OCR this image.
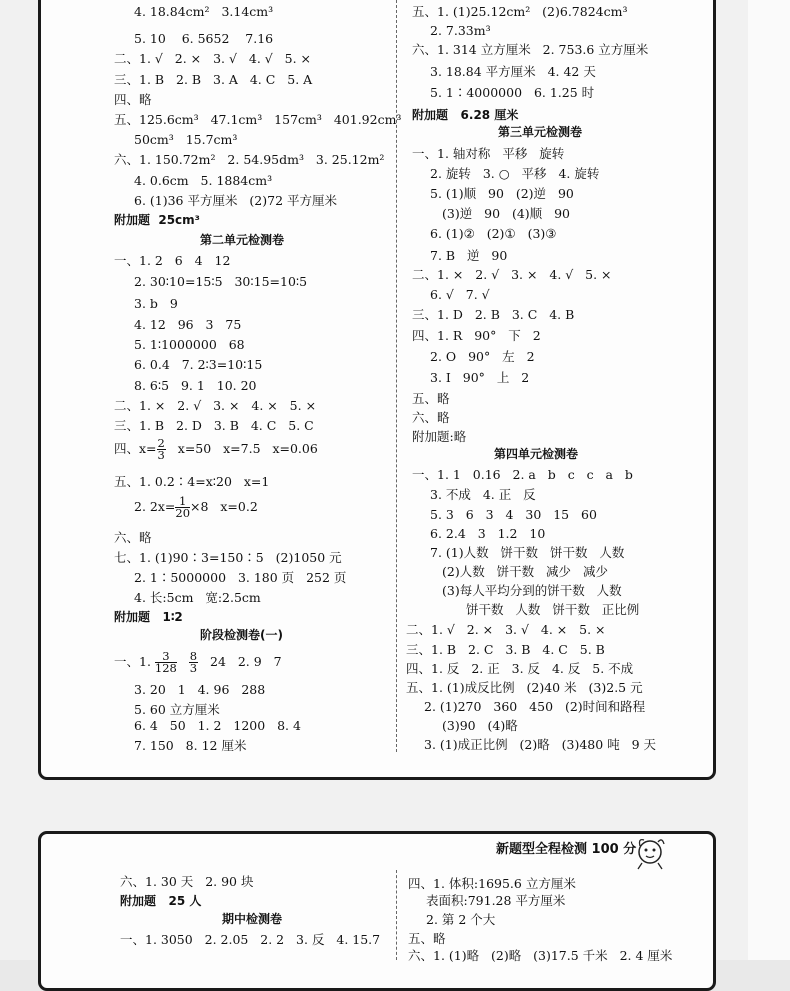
4. 18.84cm²   3.14cm³
5. 10    6. 5652    7.16
二、1. √   2. ×   3. √   4. √   5. ×
三、1. B   2. B   3. A   4. C   5. A
四、略
五、125.6cm³   47.1cm³   157cm³   401.92cm³
50cm³   15.7cm³
六、1. 150.72m²   2. 54.95dm³   3. 25.12m²
4. 0.6cm   5. 1884cm³
6. (1)36 平方厘米   (2)72 平方厘米
附加题  25cm³
第二单元检测卷
一、1. 2   6   4   12
2. 30∶10=15∶5   30∶15=10∶5
3. b   9
4. 12   96   3   75
5. 1∶1000000   68
6. 0.4   7. 2∶3=10∶15
8. 6∶5   9. 1   10. 20
二、1. ×   2. √   3. ×   4. ×   5. ×
三、1. B   2. D   3. B   4. C   5. C
四、$x= \frac{2}{3} x=50$   x=7.5   x=0.06
五、1. 0.2∶4=x∶20   x=1
2. $2x= \frac{1}{20} \times 8$   x=0.2
六、略
七、1. (1)90∶3=150∶5   (2)1050 元
2. 1∶5000000   3. 180 页   252 页
4. 长:5cm   宽:2.5cm
附加题   1∶2
阶段检测卷(一)
一、1. $\frac{3}{128}$
$\frac{8}{3} 24$   2. 9   7
3. 20   1   4. 96   288
5. 60 立方厘米
6. 4   50   1. 2   1200   8. 4
7. 150   8. 12 厘米
五、1. (1)25.12cm²   (2)6.7824cm³
2. 7.33m³
六、1. 314 立方厘米   2. 753.6 立方厘米
3. 18.84 平方厘米   4. 42 天
5. 1∶4000000   6. 1.25 时
附加题   6.28 厘米
第三单元检测卷
一、1. 轴对称   平移   旋转
2. 旋转   3. ○   平移   4. 旋转
5. (1)顺   90   (2)逆   90
(3)逆   90   (4)顺   90
6. (1)②   (2)①   (3)③
7. B   逆   90
二、1. ×   2. √   3. ×   4. √   5. ×
6. √   7. √
三、1. D   2. B   3. C   4. B
四、1. R   90°   下   2
2. O   90°   左   2
3. I   90°   上   2
五、略
六、略
附加题:略
第四单元检测卷
一、1. 1   0.16   2. a   b   c   c   a   b
3. 不成   4. 正   反
5. 3   6   3   4   30   15   60
6. 2.4   3   1.2   10
7. (1)人数   饼干数   饼干数   人数
(2)人数   饼干数   减少   减少
(3)每人平均分到的饼干数   人数
饼干数   人数   饼干数   正比例
二、1. √   2. ×   3. √   4. ×   5. ×
三、1. B   2. C   3. B   4. C   5. B
四、1. 反   2. 正   3. 反   4. 反   5. 不成
五、1. (1)成反比例   (2)40 米   (3)2.5 元
2. (1)270   360   450   (2)时间和路程
(3)90   (4)略
3. (1)成正比例   (2)略   (3)480 吨   9 天
新题型全程检测 100 分
六、1. 30 天   2. 90 块
附加题   25 人
期中检测卷
一、1. 3050   2. 2.05   2. 2   3. 反   4. 15.7
四、1. 体积:1695.6 立方厘米
表面积:791.28 平方厘米
2. 第 2 个大
五、略
六、1. (1)略   (2)略   (3)17.5 千米   2. 4 厘米
